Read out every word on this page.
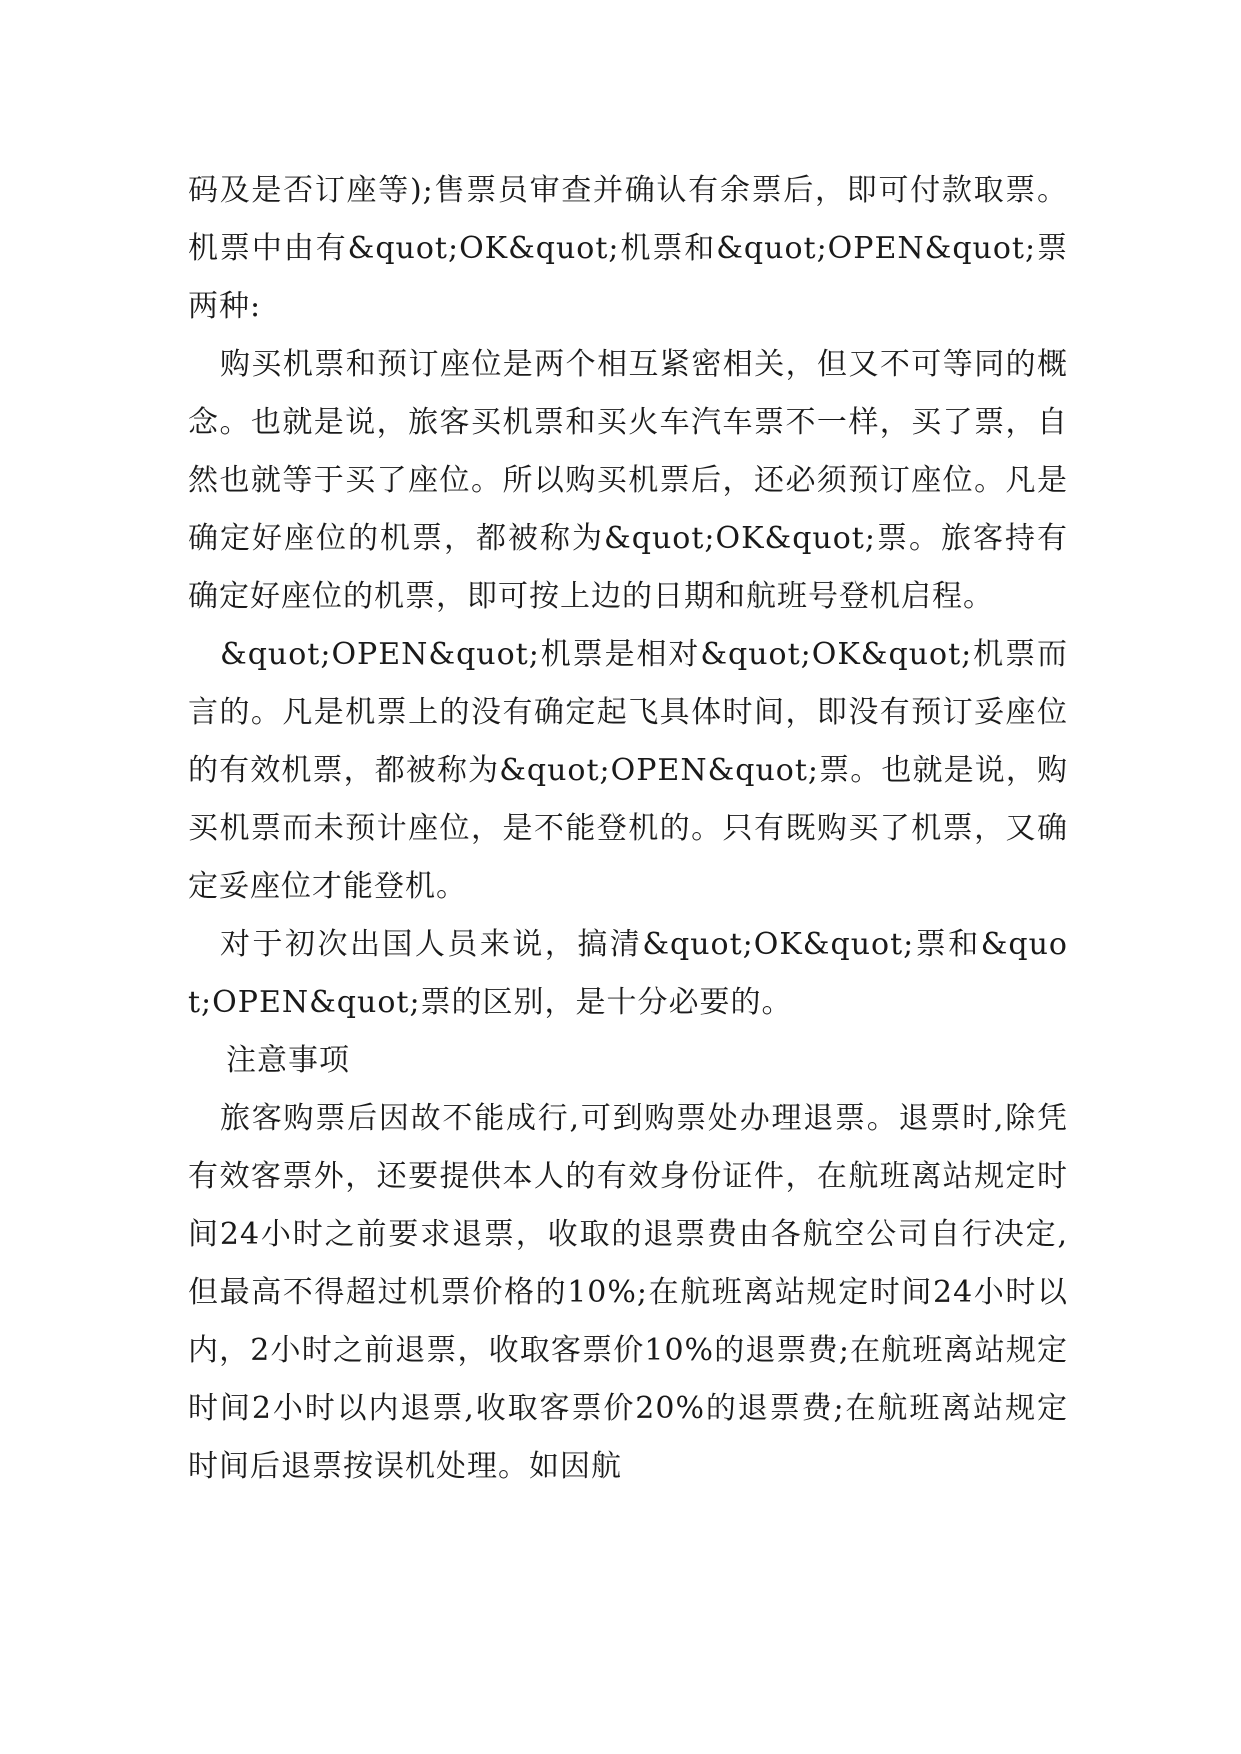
码及是否订座等);售票员审查并确认有余票后，即可付款取票。机票中由有&quot;OK&quot;机票和&quot;OPEN&quot;票两种:

购买机票和预订座位是两个相互紧密相关，但又不可等同的概念。也就是说，旅客买机票和买火车汽车票不一样，买了票，自然也就等于买了座位。所以购买机票后，还必须预订座位。凡是确定好座位的机票，都被称为&quot;OK&quot;票。旅客持有确定好座位的机票，即可按上边的日期和航班号登机启程。

&quot;OPEN&quot;机票是相对&quot;OK&quot;机票而言的。凡是机票上的没有确定起飞具体时间，即没有预订妥座位的有效机票，都被称为&quot;OPEN&quot;票。也就是说，购买机票而未预计座位，是不能登机的。只有既购买了机票，又确定妥座位才能登机。

对于初次出国人员来说，搞清&quot;OK&quot;票和&quot;OPEN&quot;票的区别，是十分必要的。

注意事项

旅客购票后因故不能成行,可到购票处办理退票。退票时,除凭有效客票外，还要提供本人的有效身份证件，在航班离站规定时间24小时之前要求退票，收取的退票费由各航空公司自行决定,但最高不得超过机票价格的10%;在航班离站规定时间24小时以内，2小时之前退票，收取客票价10%的退票费;在航班离站规定时间2小时以内退票,收取客票价20%的退票费;在航班离站规定时间后退票按误机处理。如因航
